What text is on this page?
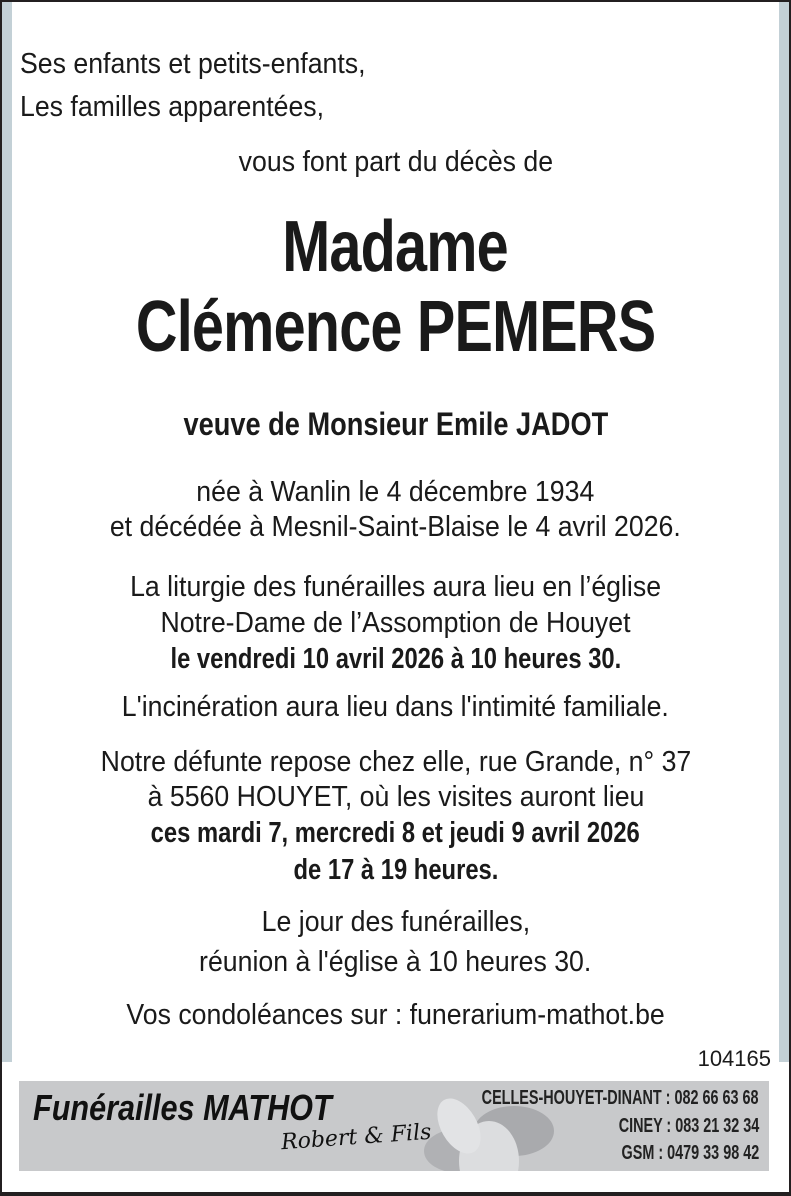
Ses enfants et petits-enfants,
Les familles apparentées,
vous font part du décès de
Madame
Clémence PEMERS
veuve de Monsieur Emile JADOT
née à Wanlin le 4 décembre 1934
et décédée à Mesnil-Saint-Blaise le 4 avril 2026.
La liturgie des funérailles aura lieu en l’église
Notre-Dame de l’Assomption de Houyet
le vendredi 10 avril 2026 à 10 heures 30.
L'incinération aura lieu dans l'intimité familiale.
Notre défunte repose chez elle, rue Grande, n° 37
à 5560 HOUYET, où les visites auront lieu
ces mardi 7, mercredi 8 et jeudi 9 avril 2026
de 17 à 19 heures.
Le jour des funérailles,
réunion à l'église à 10 heures 30.
Vos condoléances sur : funerarium-mathot.be
104165
Funérailles MATHOT
Robert & Fils
CELLES-HOUYET-DINANT : 082 66 63 68
CINEY : 083 21 32 34
GSM : 0479 33 98 42
